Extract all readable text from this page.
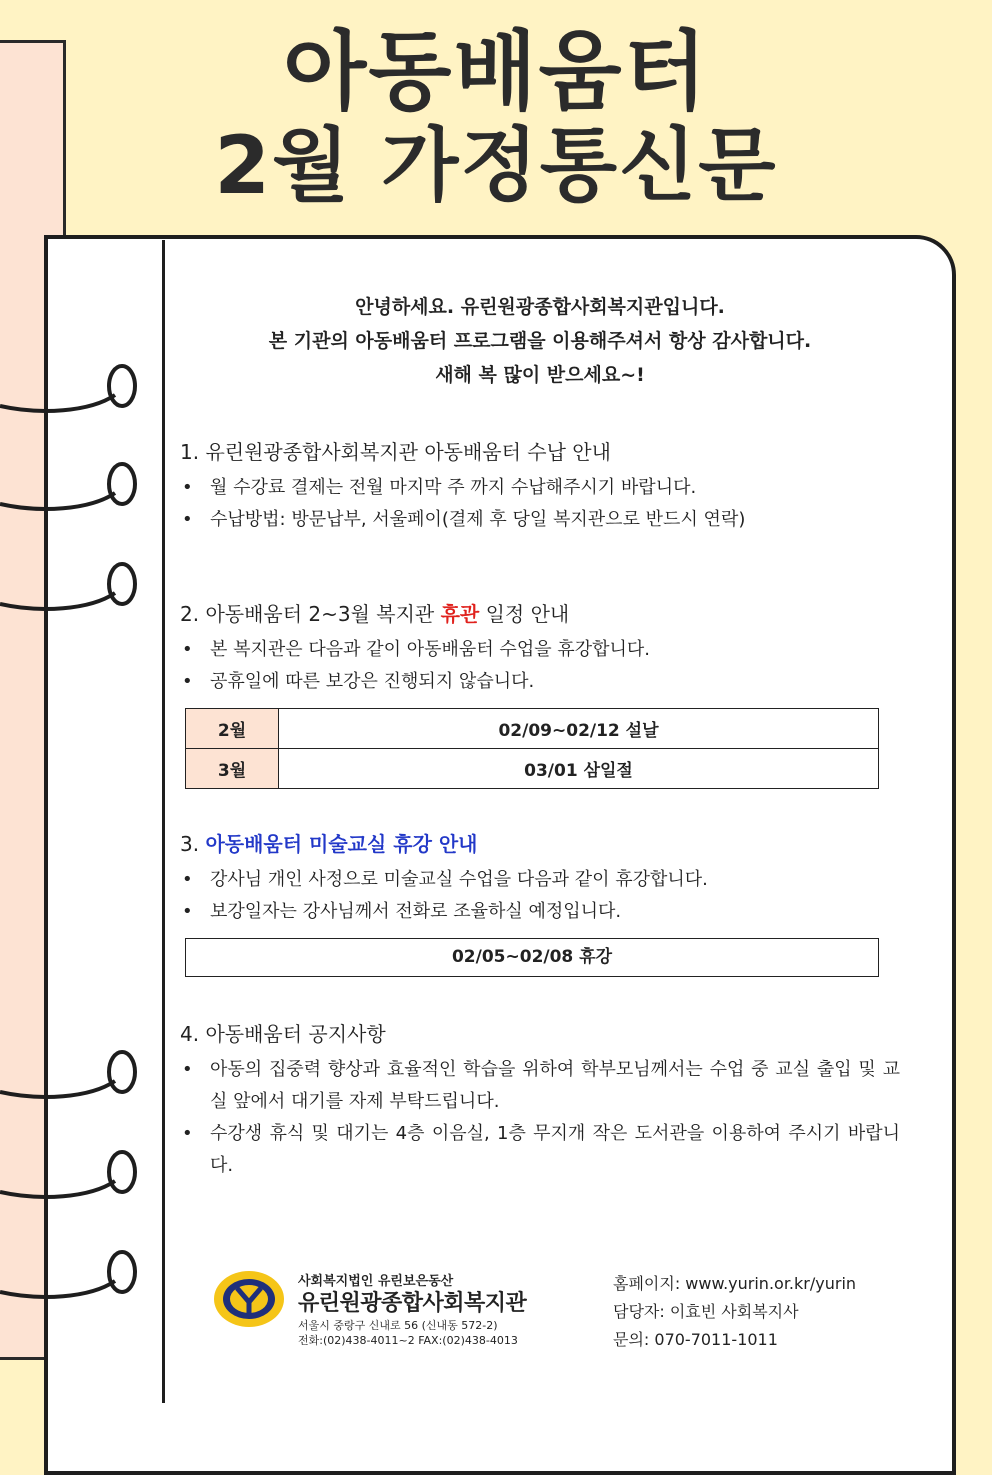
아동배움터
2월 가정통신문

안녕하세요. 유린원광종합사회복지관입니다.

본 기관의 아동배움터 프로그램을 이용해주셔서 항상 감사합니다.

새해 복 많이 받으세요~!

1. 유린원광종합사회복지관 아동배움터 수납 안내

• 월 수강료 결제는 전월 마지막 주 까지 수납해주시기 바랍니다.
• 수납방법: 방문납부, 서울페이(결제 후 당일 복지관으로 반드시 연락)

2. 아동배움터 2~3월 복지관 휴관 일정 안내

• 본 복지관은 다음과 같이 아동배움터 수업을 휴강합니다.
• 공휴일에 따른 보강은 진행되지 않습니다.
2월	02/09~02/12 설날
3월	03/01 삼일절

3. 아동배움터 미술교실 휴강 안내

• 강사님 개인 사정으로 미술교실 수업을 다음과 같이 휴강합니다.
• 보강일자는 강사님께서 전화로 조율하실 예정입니다.
02/05~02/08 휴강

4. 아동배움터 공지사항

• 아동의 집중력 향상과 효율적인 학습을 위하여 학부모님께서는 수업 중 교실 출입 및 교실 앞에서 대기를 자제 부탁드립니다.
• 수강생 휴식 및 대기는 4층 이음실, 1층 무지개 작은 도서관을 이용하여 주시기 바랍니다.
사회복지법인 유린보은동산
유린원광종합사회복지관
서울시 중랑구 신내로 56 (신내동 572-2)
전화:(02)438-4011~2 FAX:(02)438-4013
홈페이지: www.yurin.or.kr/yurin
담당자: 이효빈 사회복지사
문의: 070-7011-1011
